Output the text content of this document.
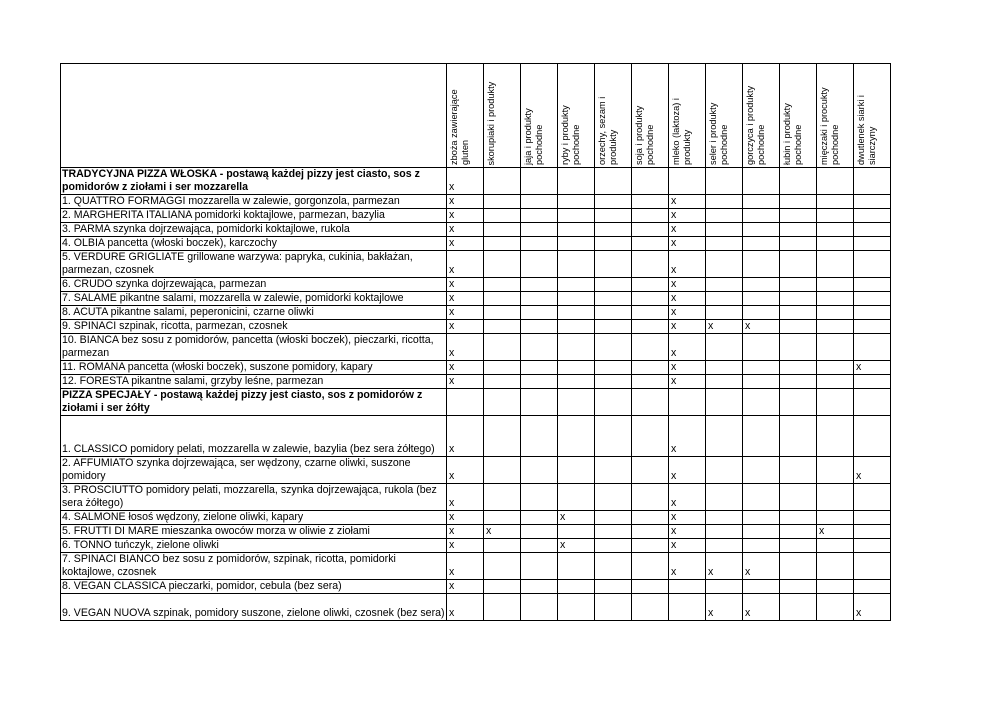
	zboża zawierające gluten	skorupiaki i produkty	jaja i produkty pochodne	ryby i produkty pochodne	orzechy, sezam i produkty	soja i produkty pochodne	mleko (laktoza) i produkty	seler i produkty pochodne	gorczyca i produkty pochodne	łubin i produkty pochodne	mięczaki i procukty pochodne	dwutlenek siarki i siarczyny

TRADYCYJNA PIZZA WŁOSKA - postawą każdej pizzy jest ciasto, sos z
pomidorów z ziołami i ser mozzarella	x											
1. QUATTRO FORMAGGI mozzarella w zalewie, gorgonzola, parmezan	x						x					
2. MARGHERITA ITALIANA pomidorki koktajlowe, parmezan, bazylia	x						x					
3. PARMA szynka dojrzewająca, pomidorki koktajlowe, rukola	x						x					
4. OLBIA pancetta (włoski boczek), karczochy	x						x					
5. VERDURE GRIGLIATE grillowane warzywa: papryka, cukinia, bakłażan, parmezan, czosnek	x						x					
6. CRUDO szynka dojrzewająca, parmezan	x						x					
7. SALAME pikantne salami, mozzarella w zalewie, pomidorki koktajlowe	x						x					
8. ACUTA pikantne salami, peperonicini, czarne oliwki	x						x					
9. SPINACI szpinak, ricotta, parmezan, czosnek	x						x	x	x			
10. BIANCA bez sosu z pomidorów, pancetta (włoski boczek), pieczarki, ricotta, parmezan	x						x					
11. ROMANA pancetta (włoski boczek), suszone pomidory, kapary	x						x					x
12. FORESTA pikantne salami, grzyby leśne, parmezan	x						x					
PIZZA SPECJAŁY - postawą każdej pizzy jest ciasto, sos z pomidorów z
ziołami i ser żółty												
1. CLASSICO pomidory pelati, mozzarella w zalewie, bazylia (bez sera żółtego)	x						x					
2. AFFUMIATO szynka dojrzewająca, ser wędzony, czarne oliwki, suszone pomidory	x						x					x
3. PROSCIUTTO pomidory pelati, mozzarella, szynka dojrzewająca, rukola (bez sera żółtego)	x						x					
4. SALMONE łosoś wędzony, zielone oliwki, kapary	x			x			x					
5. FRUTTI DI MARE mieszanka owoców morza w oliwie z ziołami	x	x					x				x	
6. TONNO tuńczyk, zielone oliwki	x			x			x					
7. SPINACI BIANCO bez sosu z pomidorów, szpinak, ricotta, pomidorki koktajlowe, czosnek	x						x	x	x			
8. VEGAN CLASSICA pieczarki, pomidor, cebula (bez sera)	x											
9. VEGAN NUOVA szpinak, pomidory suszone, zielone oliwki, czosnek (bez sera)	x							x	x			x
